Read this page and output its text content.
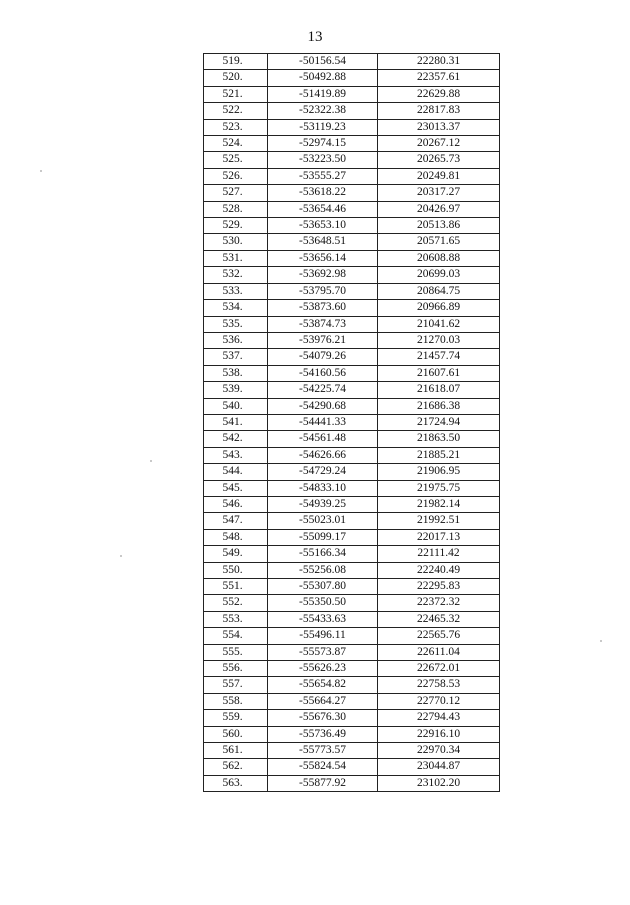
13
519.	-50156.54	22280.31
520.	-50492.88	22357.61
521.	-51419.89	22629.88
522.	-52322.38	22817.83
523.	-53119.23	23013.37
524.	-52974.15	20267.12
525.	-53223.50	20265.73
526.	-53555.27	20249.81
527.	-53618.22	20317.27
528.	-53654.46	20426.97
529.	-53653.10	20513.86
530.	-53648.51	20571.65
531.	-53656.14	20608.88
532.	-53692.98	20699.03
533.	-53795.70	20864.75
534.	-53873.60	20966.89
535.	-53874.73	21041.62
536.	-53976.21	21270.03
537.	-54079.26	21457.74
538.	-54160.56	21607.61
539.	-54225.74	21618.07
540.	-54290.68	21686.38
541.	-54441.33	21724.94
542.	-54561.48	21863.50
543.	-54626.66	21885.21
544.	-54729.24	21906.95
545.	-54833.10	21975.75
546.	-54939.25	21982.14
547.	-55023.01	21992.51
548.	-55099.17	22017.13
549.	-55166.34	22111.42
550.	-55256.08	22240.49
551.	-55307.80	22295.83
552.	-55350.50	22372.32
553.	-55433.63	22465.32
554.	-55496.11	22565.76
555.	-55573.87	22611.04
556.	-55626.23	22672.01
557.	-55654.82	22758.53
558.	-55664.27	22770.12
559.	-55676.30	22794.43
560.	-55736.49	22916.10
561.	-55773.57	22970.34
562.	-55824.54	23044.87
563.	-55877.92	23102.20
